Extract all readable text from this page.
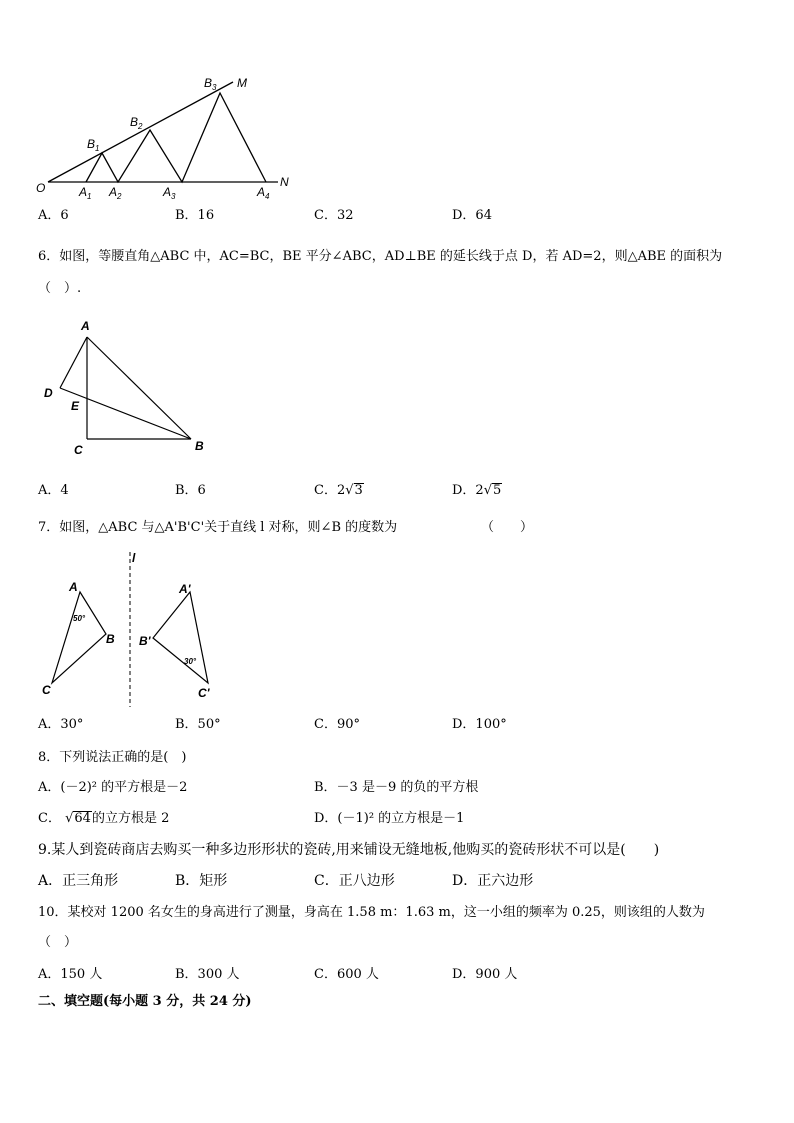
O
M
N
B 1
B 2
B 3
A 1 A 2	A 3	A 4
A．6	B．16	C．32	D．64
6．如图，等腰直角△ABC 中，AC=BC，BE 平分∠ABC，AD⊥BE 的延长线于点 D，若 AD=2，则△ABE 的面积为
（　）.
A
D
E
C	B
A．4	B．6	C．2√3	D．2√5
7．如图，△ABC 与△A'B'C'关于直线 l 对称，则∠B 的度数为	（　　）
l
A
B
C
50°
A'
B'
C'
30°
A．30°	B．50°	C．90°	D．100°
8．下列说法正确的是(　)
A．(－2)² 的平方根是－2	B．－3 是－9 的负的平方根
C． √64的立方根是 2	D．(－1)² 的立方根是－1
9.某人到瓷砖商店去购买一种多边形形状的瓷砖,用来铺设无缝地板,他购买的瓷砖形状不可以是(　　)
A．正三角形	B．矩形	C．正八边形	D．正六边形
10．某校对 1200 名女生的身高进行了测量，身高在 1.58 m：1.63 m，这一小组的频率为 0.25，则该组的人数为
（　）
A．150 人	B．300 人	C．600 人	D．900 人
二、填空题(每小题 3 分，共 24 分)
